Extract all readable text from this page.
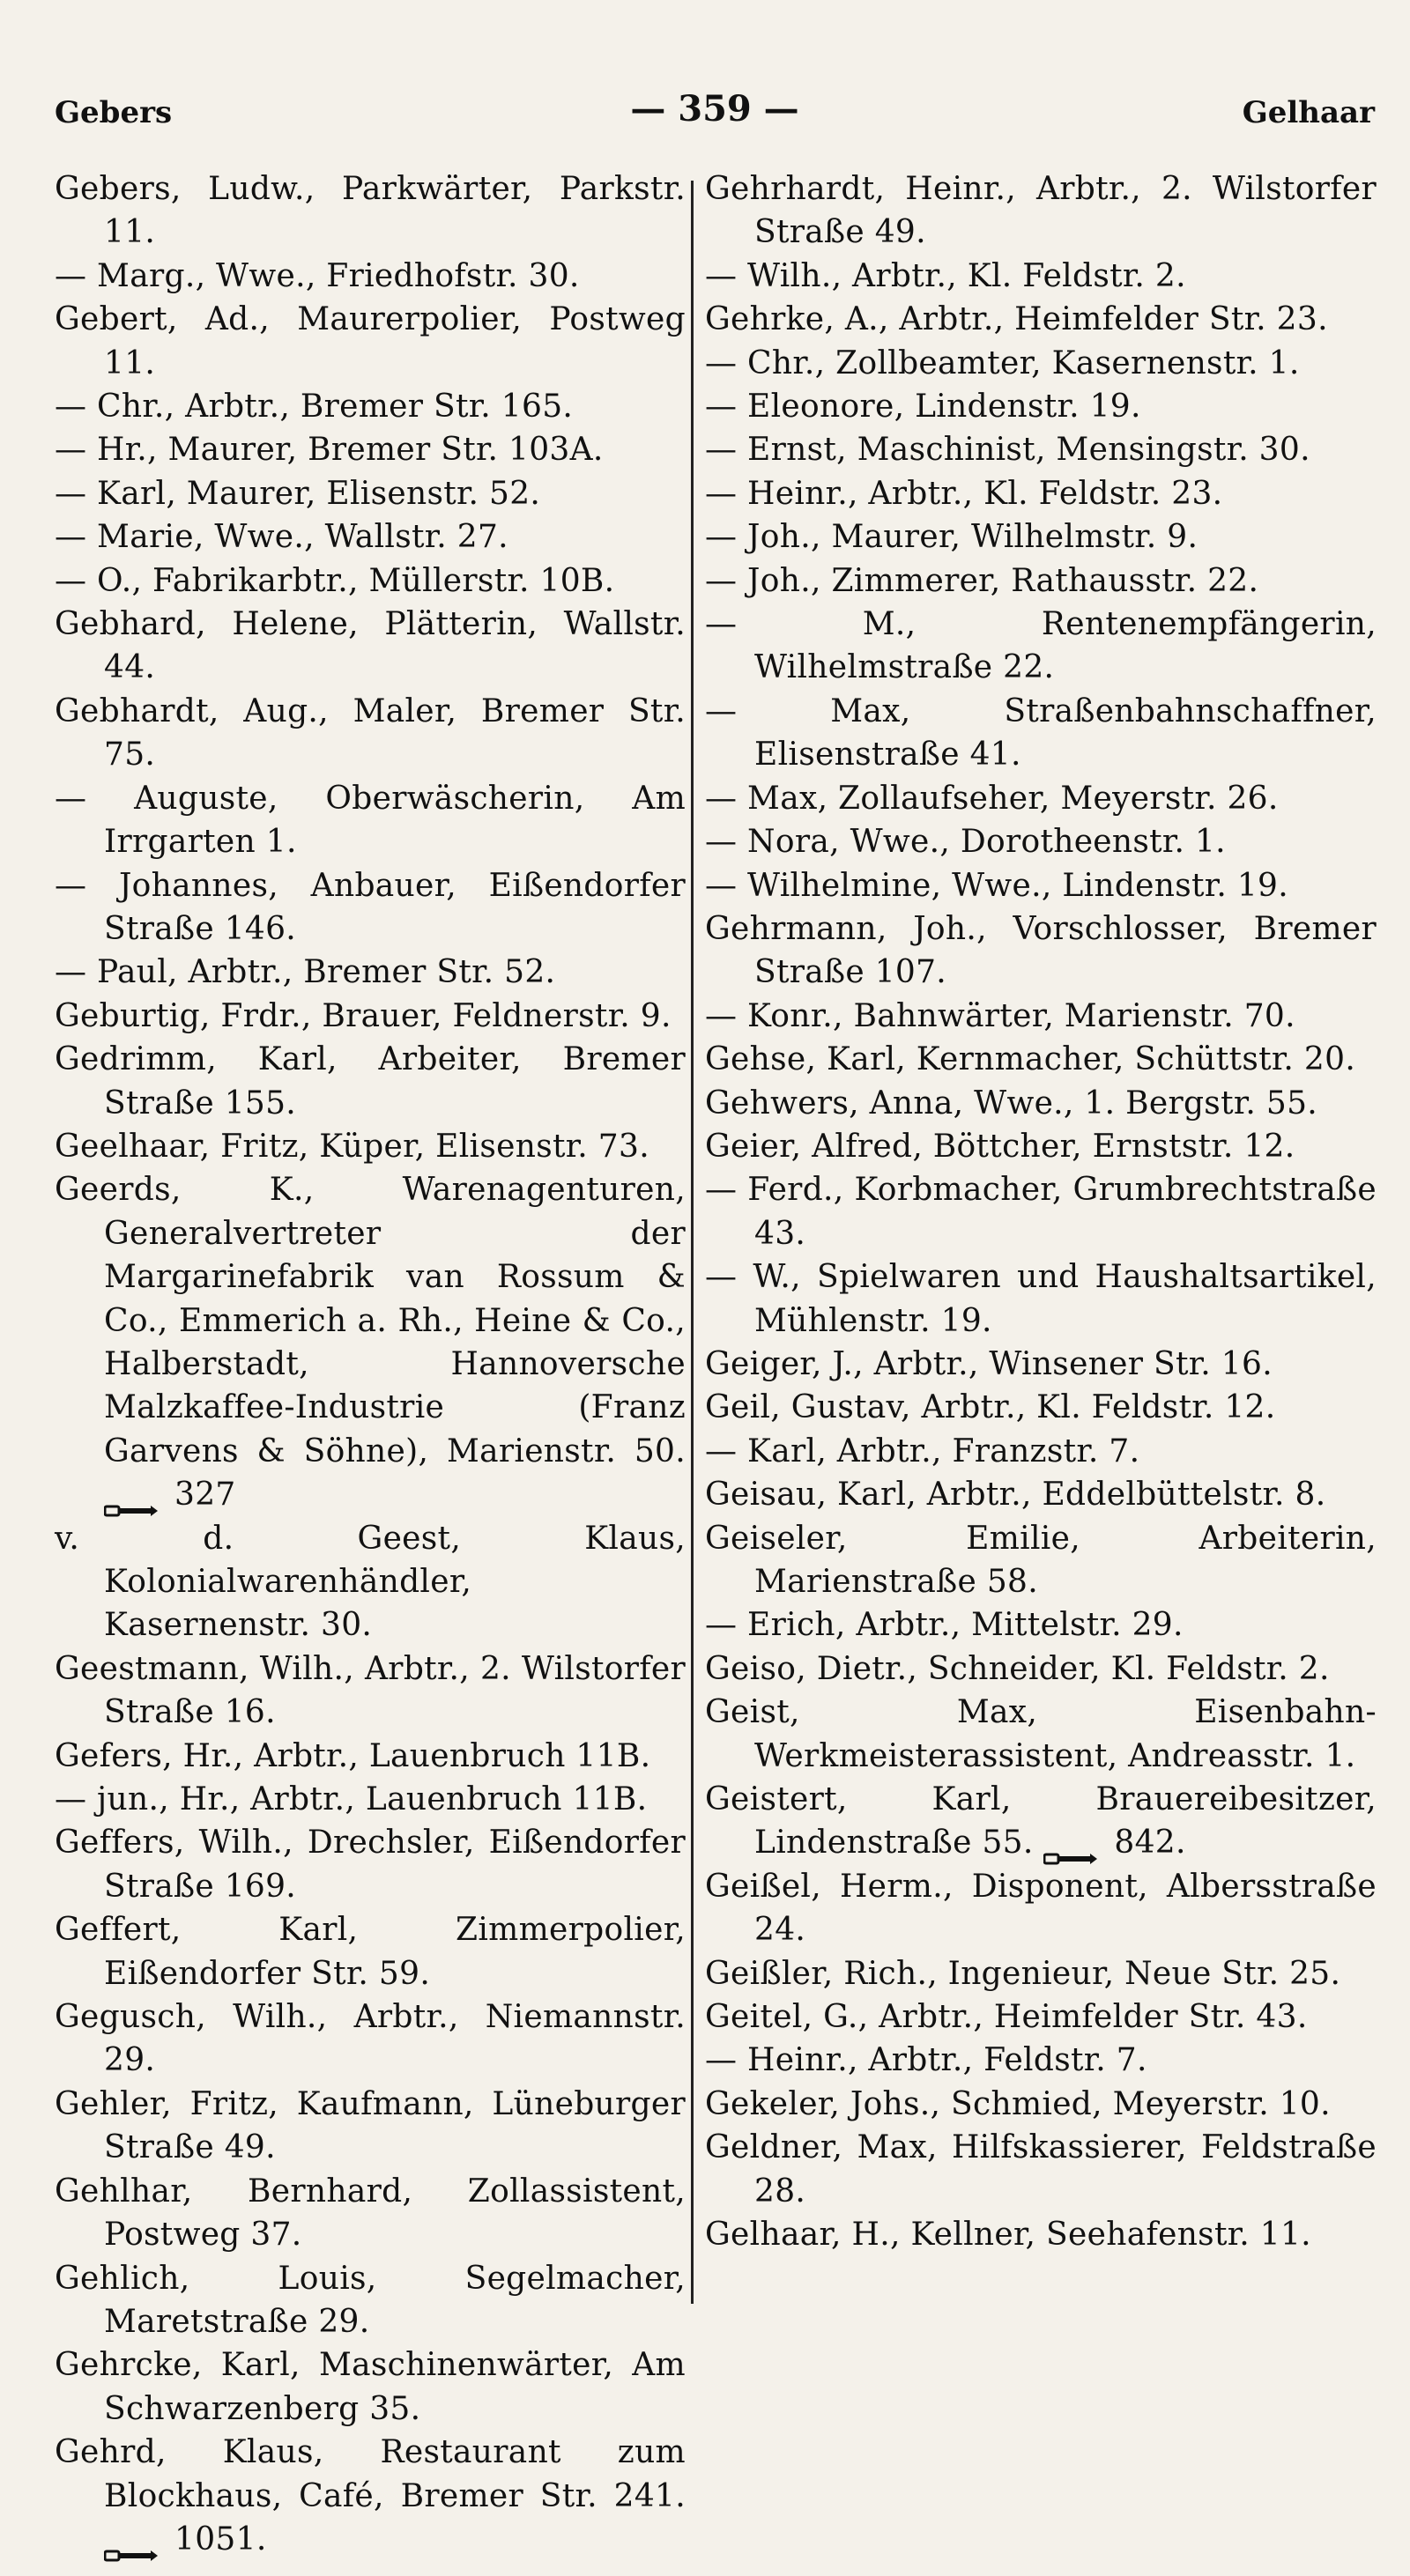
Gebers	— 359 —	Gelhaar
Gebers, Ludw., Parkwärter, Parkstr. 11.
— Marg., Wwe., Friedhofstr. 30.
Gebert, Ad., Maurerpolier, Postweg 11.
— Chr., Arbtr., Bremer Str. 165.
— Hr., Maurer, Bremer Str. 103A.
— Karl, Maurer, Elisenstr. 52.
— Marie, Wwe., Wallstr. 27.
— O., Fabrikarbtr., Müllerstr. 10B.
Gebhard, Helene, Plätterin, Wallstr. 44.
Gebhardt, Aug., Maler, Bremer Str. 75.
— Auguste, Oberwäscherin, Am Irrgarten 1.
— Johannes, Anbauer, Eißendorfer Straße 146.
— Paul, Arbtr., Bremer Str. 52.
Geburtig, Frdr., Brauer, Feldnerstr. 9.
Gedrimm, Karl, Arbeiter, Bremer Straße 155.
Geelhaar, Fritz, Küper, Elisenstr. 73.
Geerds, K., Warenagenturen, Generalvertreter der Margarinefabrik van Rossum & Co., Emmerich a. Rh., Heine & Co., Halberstadt, Hannoversche Malzkaffee-Industrie (Franz Garvens & Söhne), Marienstr. 50. 327
v. d. Geest, Klaus, Kolonialwarenhändler, Kasernenstr. 30.
Geestmann, Wilh., Arbtr., 2. Wilstorfer Straße 16.
Gefers, Hr., Arbtr., Lauenbruch 11B.
— jun., Hr., Arbtr., Lauenbruch 11B.
Geffers, Wilh., Drechsler, Eißendorfer Straße 169.
Geffert, Karl, Zimmerpolier, Eißendorfer Str. 59.
Gegusch, Wilh., Arbtr., Niemannstr. 29.
Gehler, Fritz, Kaufmann, Lüneburger Straße 49.
Gehlhar, Bernhard, Zollassistent, Postweg 37.
Gehlich, Louis, Segelmacher, Maretstraße 29.
Gehrcke, Karl, Maschinenwärter, Am Schwarzenberg 35.
Gehrd, Klaus, Restaurant zum Blockhaus, Café, Bremer Str. 241. 1051.
Gehrhardt, Heinr., Arbtr., 2. Wilstorfer Straße 49.
— Wilh., Arbtr., Kl. Feldstr. 2.
Gehrke, A., Arbtr., Heimfelder Str. 23.
— Chr., Zollbeamter, Kasernenstr. 1.
— Eleonore, Lindenstr. 19.
— Ernst, Maschinist, Mensingstr. 30.
— Heinr., Arbtr., Kl. Feldstr. 23.
— Joh., Maurer, Wilhelmstr. 9.
— Joh., Zimmerer, Rathausstr. 22.
— M., Rentenempfängerin, Wilhelmstraße 22.
— Max, Straßenbahnschaffner, Elisenstraße 41.
— Max, Zollaufseher, Meyerstr. 26.
— Nora, Wwe., Dorotheenstr. 1.
— Wilhelmine, Wwe., Lindenstr. 19.
Gehrmann, Joh., Vorschlosser, Bremer Straße 107.
— Konr., Bahnwärter, Marienstr. 70.
Gehse, Karl, Kernmacher, Schüttstr. 20.
Gehwers, Anna, Wwe., 1. Bergstr. 55.
Geier, Alfred, Böttcher, Ernststr. 12.
— Ferd., Korbmacher, Grumbrechtstraße 43.
— W., Spielwaren und Haushaltsartikel, Mühlenstr. 19.
Geiger, J., Arbtr., Winsener Str. 16.
Geil, Gustav, Arbtr., Kl. Feldstr. 12.
— Karl, Arbtr., Franzstr. 7.
Geisau, Karl, Arbtr., Eddelbüttelstr. 8.
Geiseler, Emilie, Arbeiterin, Marienstraße 58.
— Erich, Arbtr., Mittelstr. 29.
Geiso, Dietr., Schneider, Kl. Feldstr. 2.
Geist, Max, Eisenbahn-Werkmeisterassistent, Andreasstr. 1.
Geistert, Karl, Brauereibesitzer, Lindenstraße 55.	842.
Geißel, Herm., Disponent, Albersstraße 24.
Geißler, Rich., Ingenieur, Neue Str. 25.
Geitel, G., Arbtr., Heimfelder Str. 43.
— Heinr., Arbtr., Feldstr. 7.
Gekeler, Johs., Schmied, Meyerstr. 10.
Geldner, Max, Hilfskassierer, Feldstraße 28.
Gelhaar, H., Kellner, Seehafenstr. 11.
